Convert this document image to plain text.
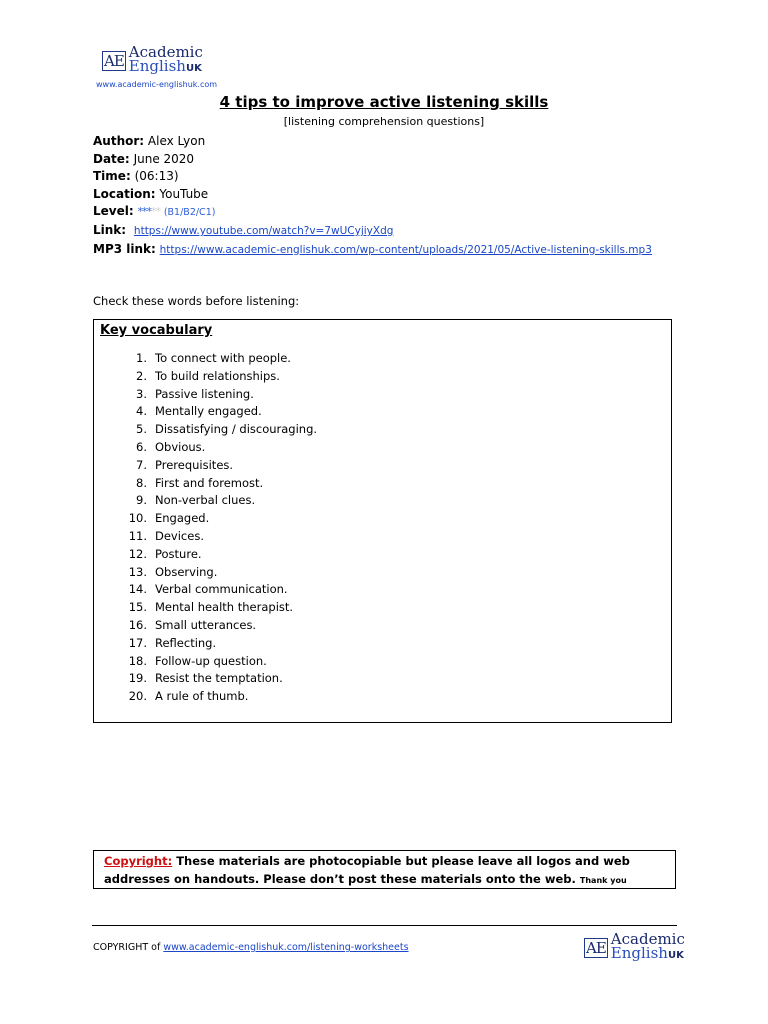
AE Academic
EnglishUK
www.academic-englishuk.com
4 tips to improve active listening skills
[listening comprehension questions]
Author: Alex Lyon
Date: June 2020
Time: (06:13)
Location: YouTube
Level: ***** (B1/B2/C1)
Link: https://www.youtube.com/watch?v=7wUCyjiyXdg
MP3 link: https://www.academic-englishuk.com/wp-content/uploads/2021/05/Active-listening-skills.mp3
Check these words before listening:
Key vocabulary
1. To connect with people.
2. To build relationships.
3. Passive listening.
4. Mentally engaged.
5. Dissatisfying / discouraging.
6. Obvious.
7. Prerequisites.
8. First and foremost.
9. Non-verbal clues.
10. Engaged.
11. Devices.
12. Posture.
13. Observing.
14. Verbal communication.
15. Mental health therapist.
16. Small utterances.
17. Reflecting.
18. Follow-up question.
19. Resist the temptation.
20. A rule of thumb.
Copyright: These materials are photocopiable but please leave all logos and web addresses on handouts. Please don’t post these materials onto the web. Thank you
COPYRIGHT of www.academic-englishuk.com/listening-worksheets	AE Academic
EnglishUK
